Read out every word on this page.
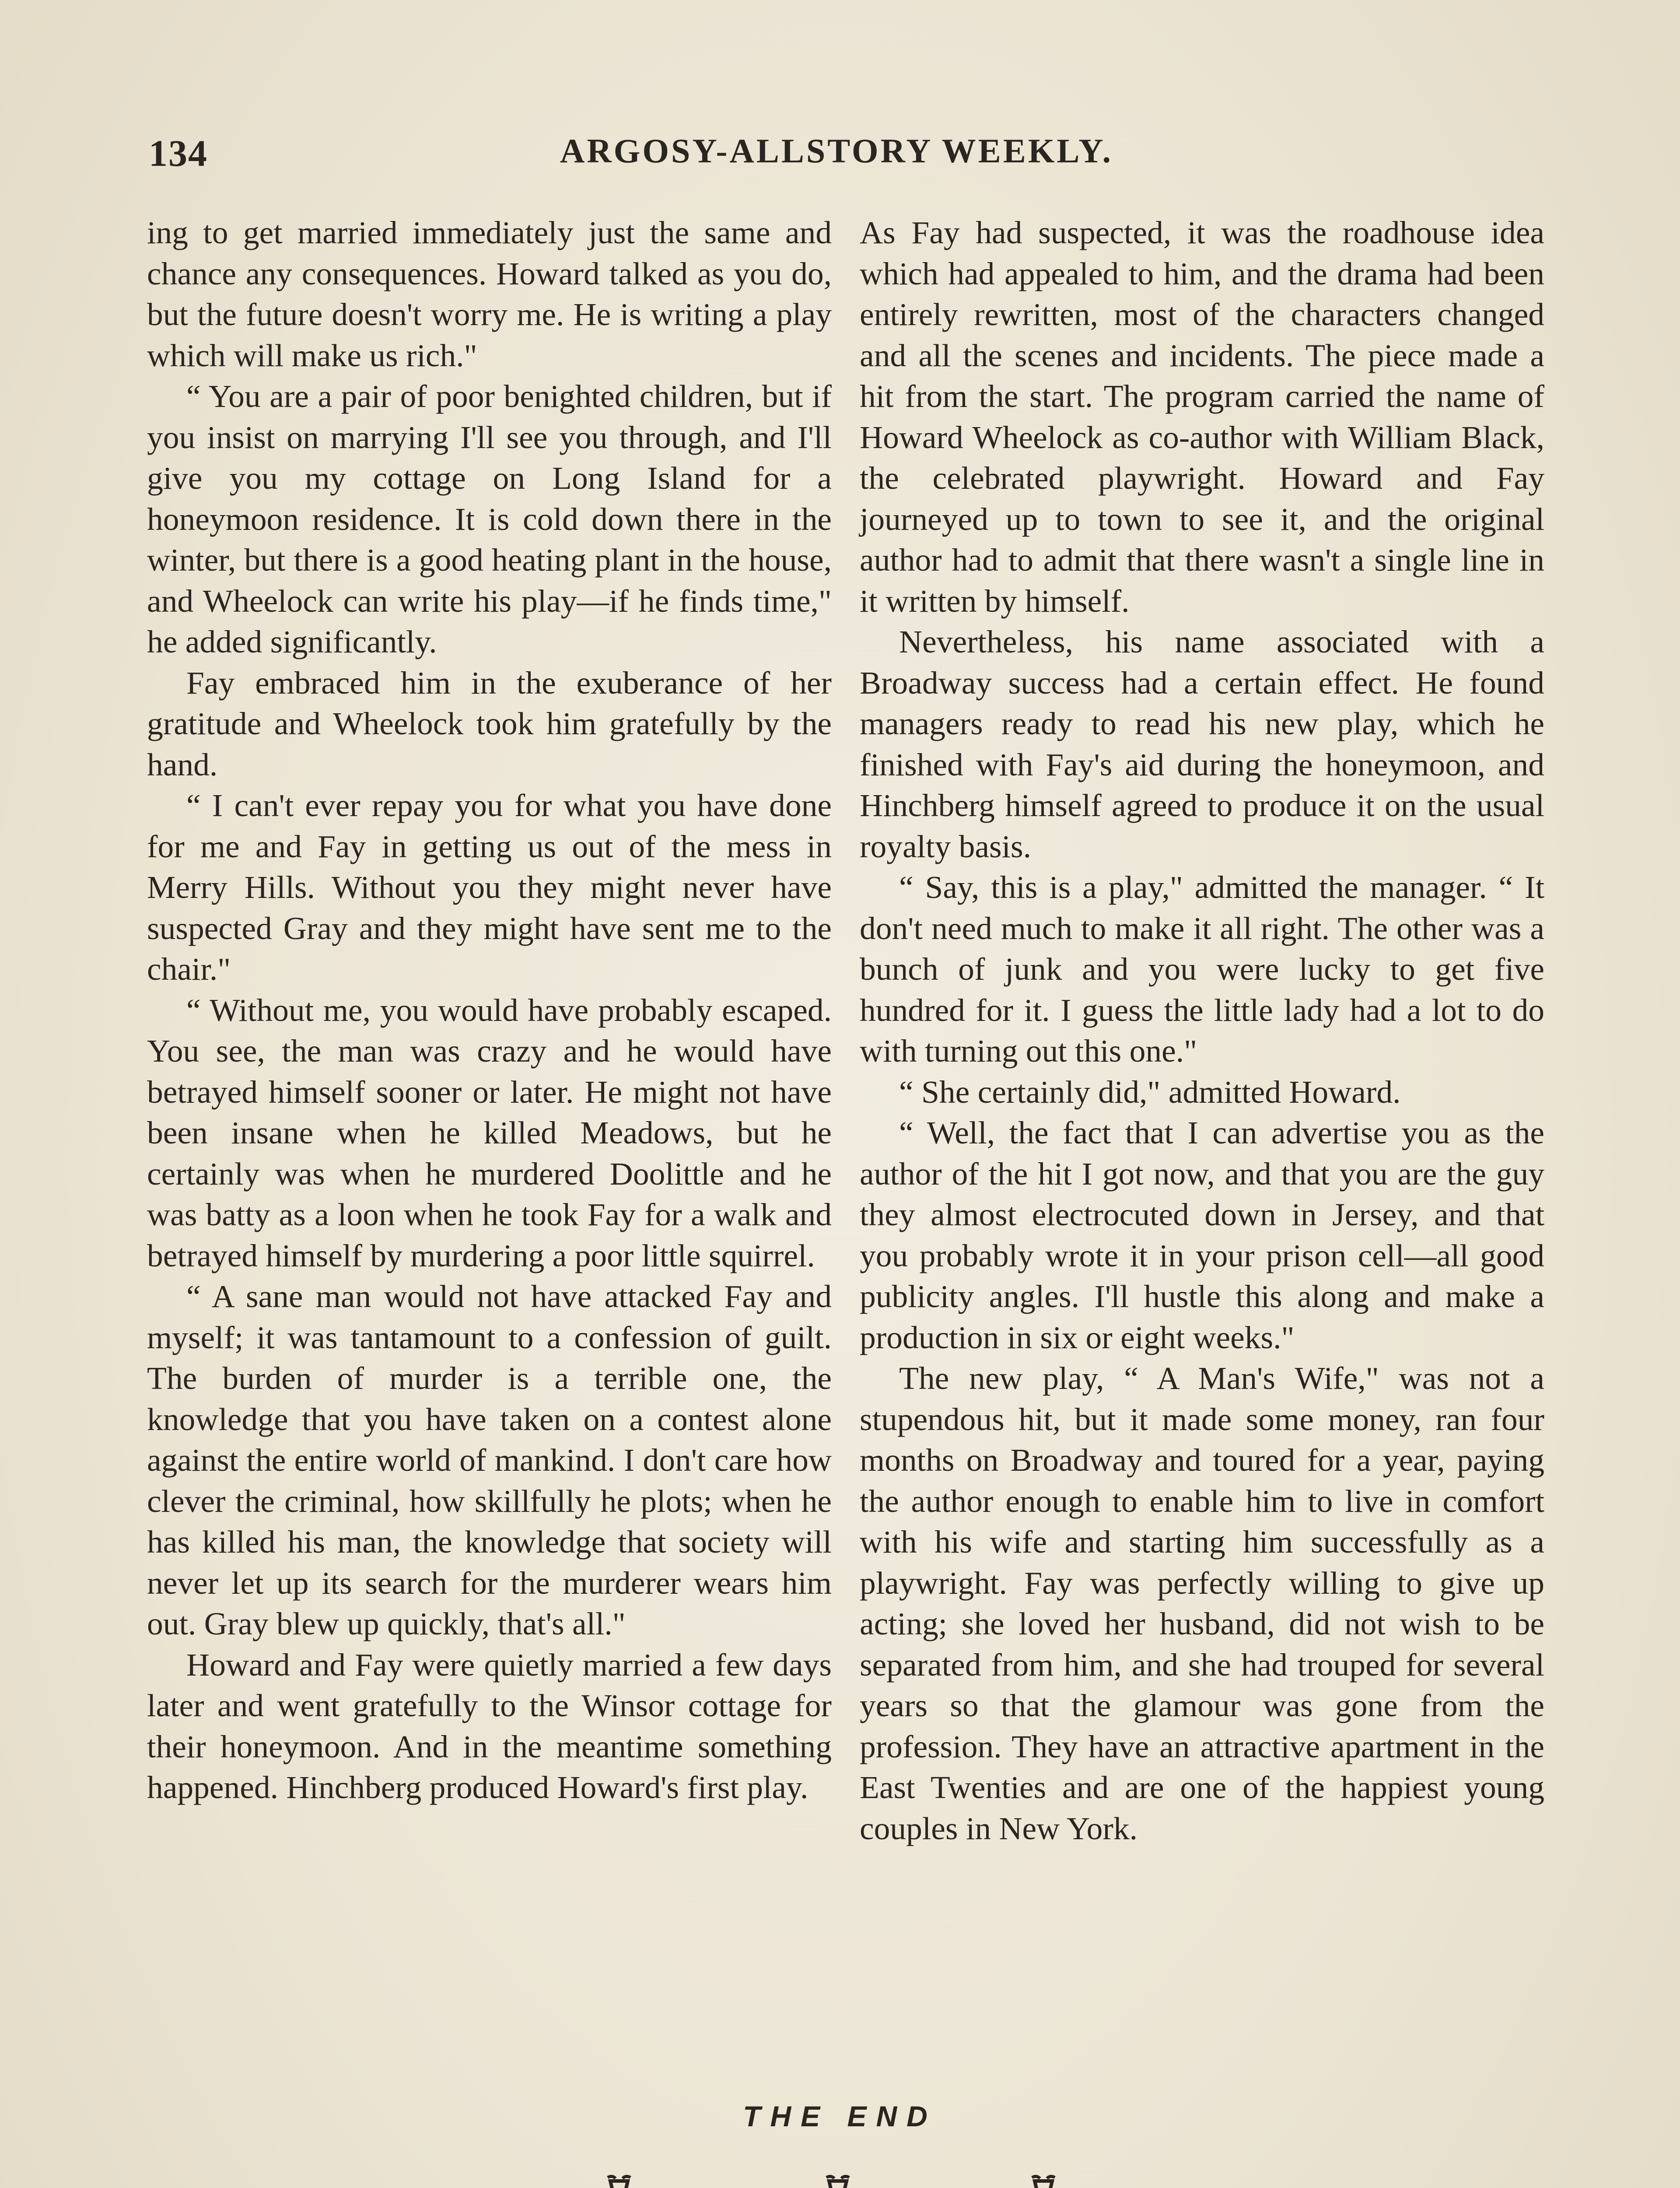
134	ARGOSY-ALLSTORY WEEKLY.

ing to get married immediately just the same and chance any consequences. Howard talked as you do, but the future doesn't worry me. He is writing a play which will make us rich."

“ You are a pair of poor benighted children, but if you insist on marrying I'll see you through, and I'll give you my cottage on Long Island for a honeymoon residence. It is cold down there in the winter, but there is a good heating plant in the house, and Wheelock can write his play—if he finds time," he added significantly.

Fay embraced him in the exuberance of her gratitude and Wheelock took him gratefully by the hand.

“ I can't ever repay you for what you have done for me and Fay in getting us out of the mess in Merry Hills. Without you they might never have suspected Gray and they might have sent me to the chair."

“ Without me, you would have probably escaped. You see, the man was crazy and he would have betrayed himself sooner or later. He might not have been insane when he killed Meadows, but he certainly was when he murdered Doolittle and he was batty as a loon when he took Fay for a walk and betrayed himself by murdering a poor little squirrel.

“ A sane man would not have attacked Fay and myself; it was tantamount to a confession of guilt. The burden of murder is a terrible one, the knowledge that you have taken on a contest alone against the entire world of mankind. I don't care how clever the criminal, how skillfully he plots; when he has killed his man, the knowledge that society will never let up its search for the murderer wears him out. Gray blew up quickly, that's all."

Howard and Fay were quietly married a few days later and went gratefully to the Winsor cottage for their honeymoon. And in the meantime something happened. Hinchberg produced Howard's first play.

As Fay had suspected, it was the roadhouse idea which had appealed to him, and the drama had been entirely rewritten, most of the characters changed and all the scenes and incidents. The piece made a hit from the start. The program carried the name of Howard Wheelock as co-author with William Black, the celebrated playwright. Howard and Fay journeyed up to town to see it, and the original author had to admit that there wasn't a single line in it written by himself.

Nevertheless, his name associated with a Broadway success had a certain effect. He found managers ready to read his new play, which he finished with Fay's aid during the honeymoon, and Hinchberg himself agreed to produce it on the usual royalty basis.

“ Say, this is a play," admitted the manager. “ It don't need much to make it all right. The other was a bunch of junk and you were lucky to get five hundred for it. I guess the little lady had a lot to do with turning out this one."

“ She certainly did," admitted Howard.

“ Well, the fact that I can advertise you as the author of the hit I got now, and that you are the guy they almost electrocuted down in Jersey, and that you probably wrote it in your prison cell—all good publicity angles. I'll hustle this along and make a production in six or eight weeks."

The new play, “ A Man's Wife," was not a stupendous hit, but it made some money, ran four months on Broadway and toured for a year, paying the author enough to enable him to live in comfort with his wife and starting him successfully as a playwright. Fay was perfectly willing to give up acting; she loved her husband, did not wish to be separated from him, and she had trouped for several years so that the glamour was gone from the profession. They have an attractive apartment in the East Twenties and are one of the happiest young couples in New York.

THE END
